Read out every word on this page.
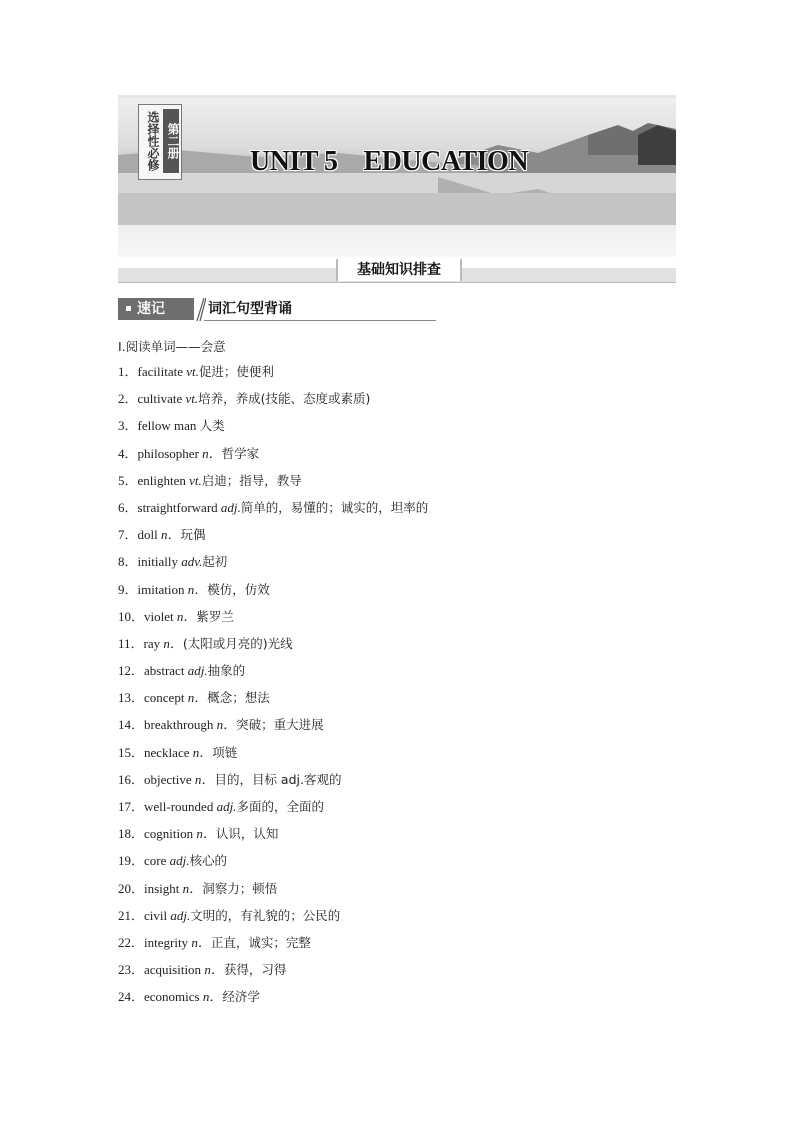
第二册
选择性必修	UNIT 5    EDUCATION
基础知识排查
速记	词汇句型背诵
Ⅰ.阅读单词——会意
1．facilitate vt.促进；使便利
2．cultivate vt.培养，养成(技能、态度或素质)
3．fellow man 人类
4．philosopher n．哲学家
5．enlighten vt.启迪；指导，教导
6．straightforward adj.简单的，易懂的；诚实的，坦率的
7．doll n．玩偶
8．initially adv.起初
9．imitation n．模仿，仿效
10．violet n．紫罗兰
11．ray n．(太阳或月亮的)光线
12．abstract adj.抽象的
13．concept n．概念；想法
14．breakthrough n．突破；重大进展
15．necklace n．项链
16．objective n．目的，目标 adj.客观的
17．well-rounded adj.多面的，全面的
18．cognition n．认识，认知
19．core adj.核心的
20．insight n．洞察力；顿悟
21．civil adj.文明的，有礼貌的；公民的
22．integrity n．正直，诚实；完整
23．acquisition n．获得，习得
24．economics n．经济学
